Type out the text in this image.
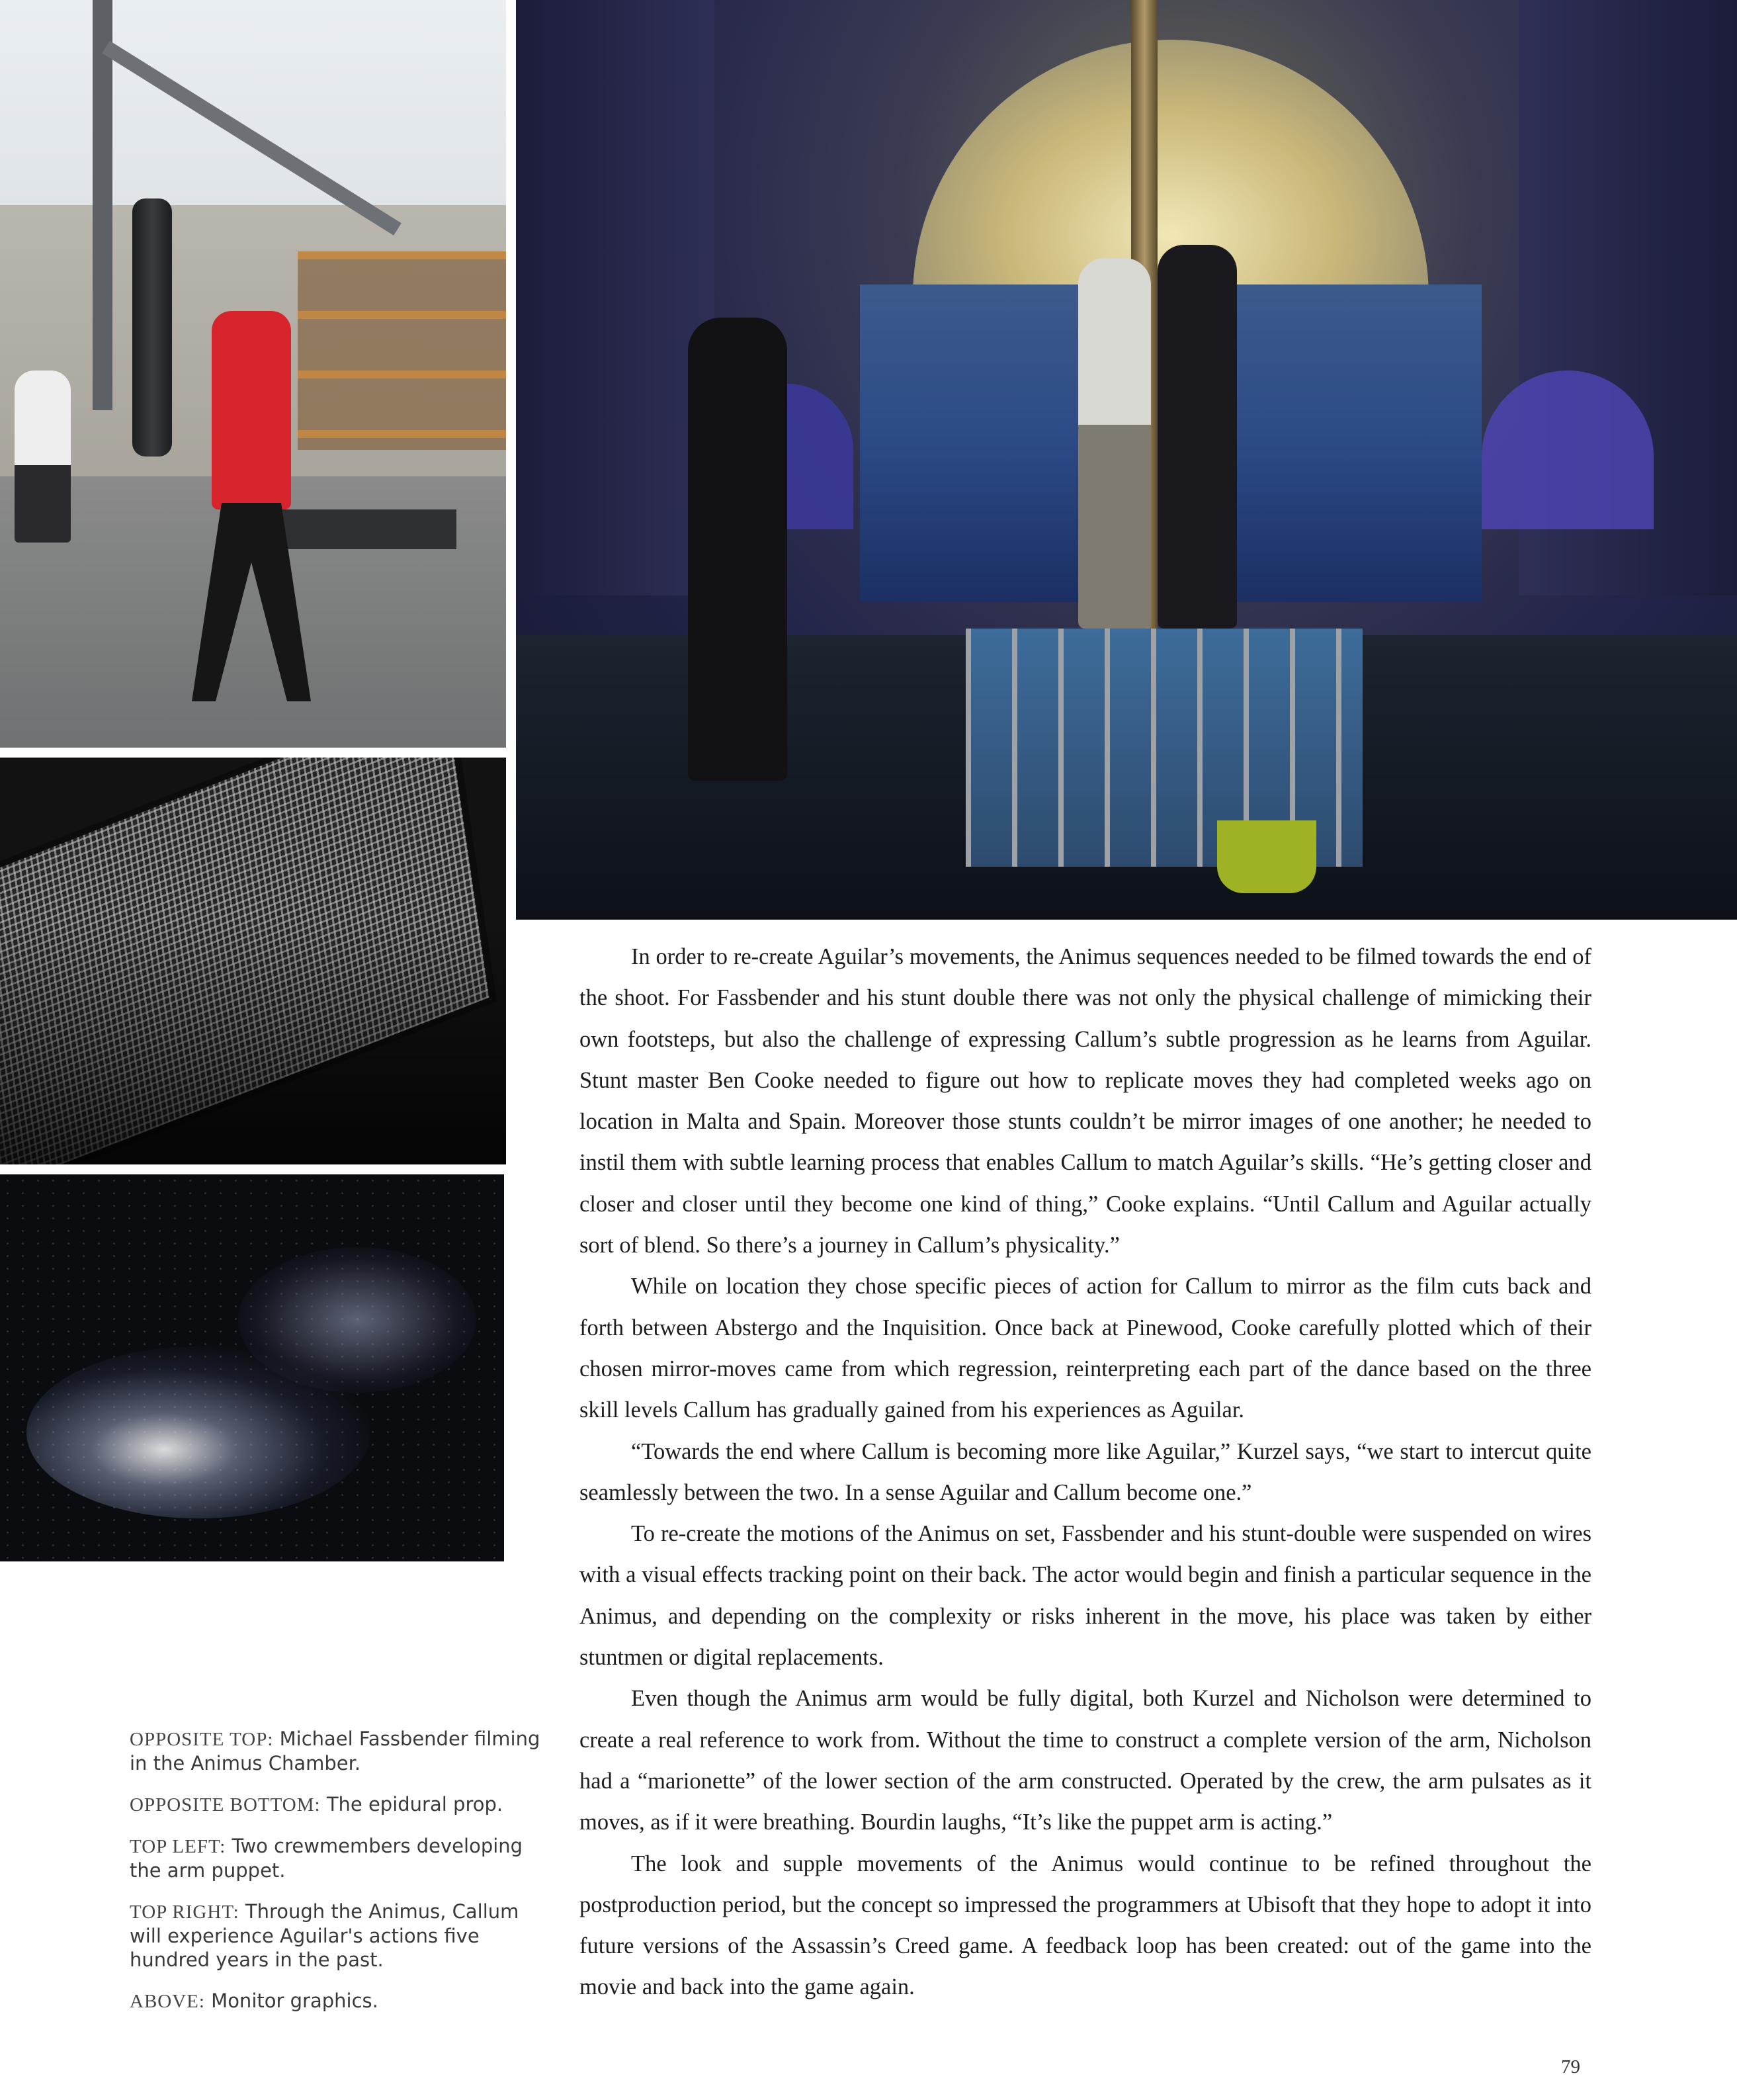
OPPOSITE TOP: Michael Fassbender filming in the Animus Chamber.

OPPOSITE BOTTOM: The epidural prop.

TOP LEFT: Two crewmembers developing the arm puppet.

TOP RIGHT: Through the Animus, Callum will experience Aguilar's actions five hundred years in the past.

ABOVE: Monitor graphics.

In order to re-create Aguilar’s movements, the Animus sequences needed to be filmed towards the end of the shoot. For Fassbender and his stunt double there was not only the physical challenge of mimicking their own footsteps, but also the challenge of expressing Callum’s subtle progression as he learns from Aguilar. Stunt master Ben Cooke needed to figure out how to replicate moves they had completed weeks ago on location in Malta and Spain. Moreover those stunts couldn’t be mirror images of one another; he needed to instil them with subtle learning process that enables Callum to match Aguilar’s skills. “He’s getting closer and closer and closer until they become one kind of thing,” Cooke explains. “Until Callum and Aguilar actually sort of blend. So there’s a journey in Callum’s physicality.”

While on location they chose specific pieces of action for Callum to mirror as the film cuts back and forth between Abstergo and the Inquisition. Once back at Pinewood, Cooke carefully plotted which of their chosen mirror-moves came from which regression, reinterpreting each part of the dance based on the three skill levels Callum has gradually gained from his experiences as Aguilar.

“Towards the end where Callum is becoming more like Aguilar,” Kurzel says, “we start to intercut quite seamlessly between the two. In a sense Aguilar and Callum become one.”

To re-create the motions of the Animus on set, Fassbender and his stunt-double were suspended on wires with a visual effects tracking point on their back. The actor would begin and finish a particular sequence in the Animus, and depending on the complexity or risks inherent in the move, his place was taken by either stuntmen or digital replacements.

Even though the Animus arm would be fully digital, both Kurzel and Nicholson were determined to create a real reference to work from. Without the time to construct a complete version of the arm, Nicholson had a “marionette” of the lower section of the arm constructed. Operated by the crew, the arm pulsates as it moves, as if it were breathing. Bourdin laughs, “It’s like the puppet arm is acting.”

The look and supple movements of the Animus would continue to be refined throughout the postproduction period, but the concept so impressed the programmers at Ubisoft that they hope to adopt it into future versions of the Assassin’s Creed game. A feedback loop has been created: out of the game into the movie and back into the game again.

79
